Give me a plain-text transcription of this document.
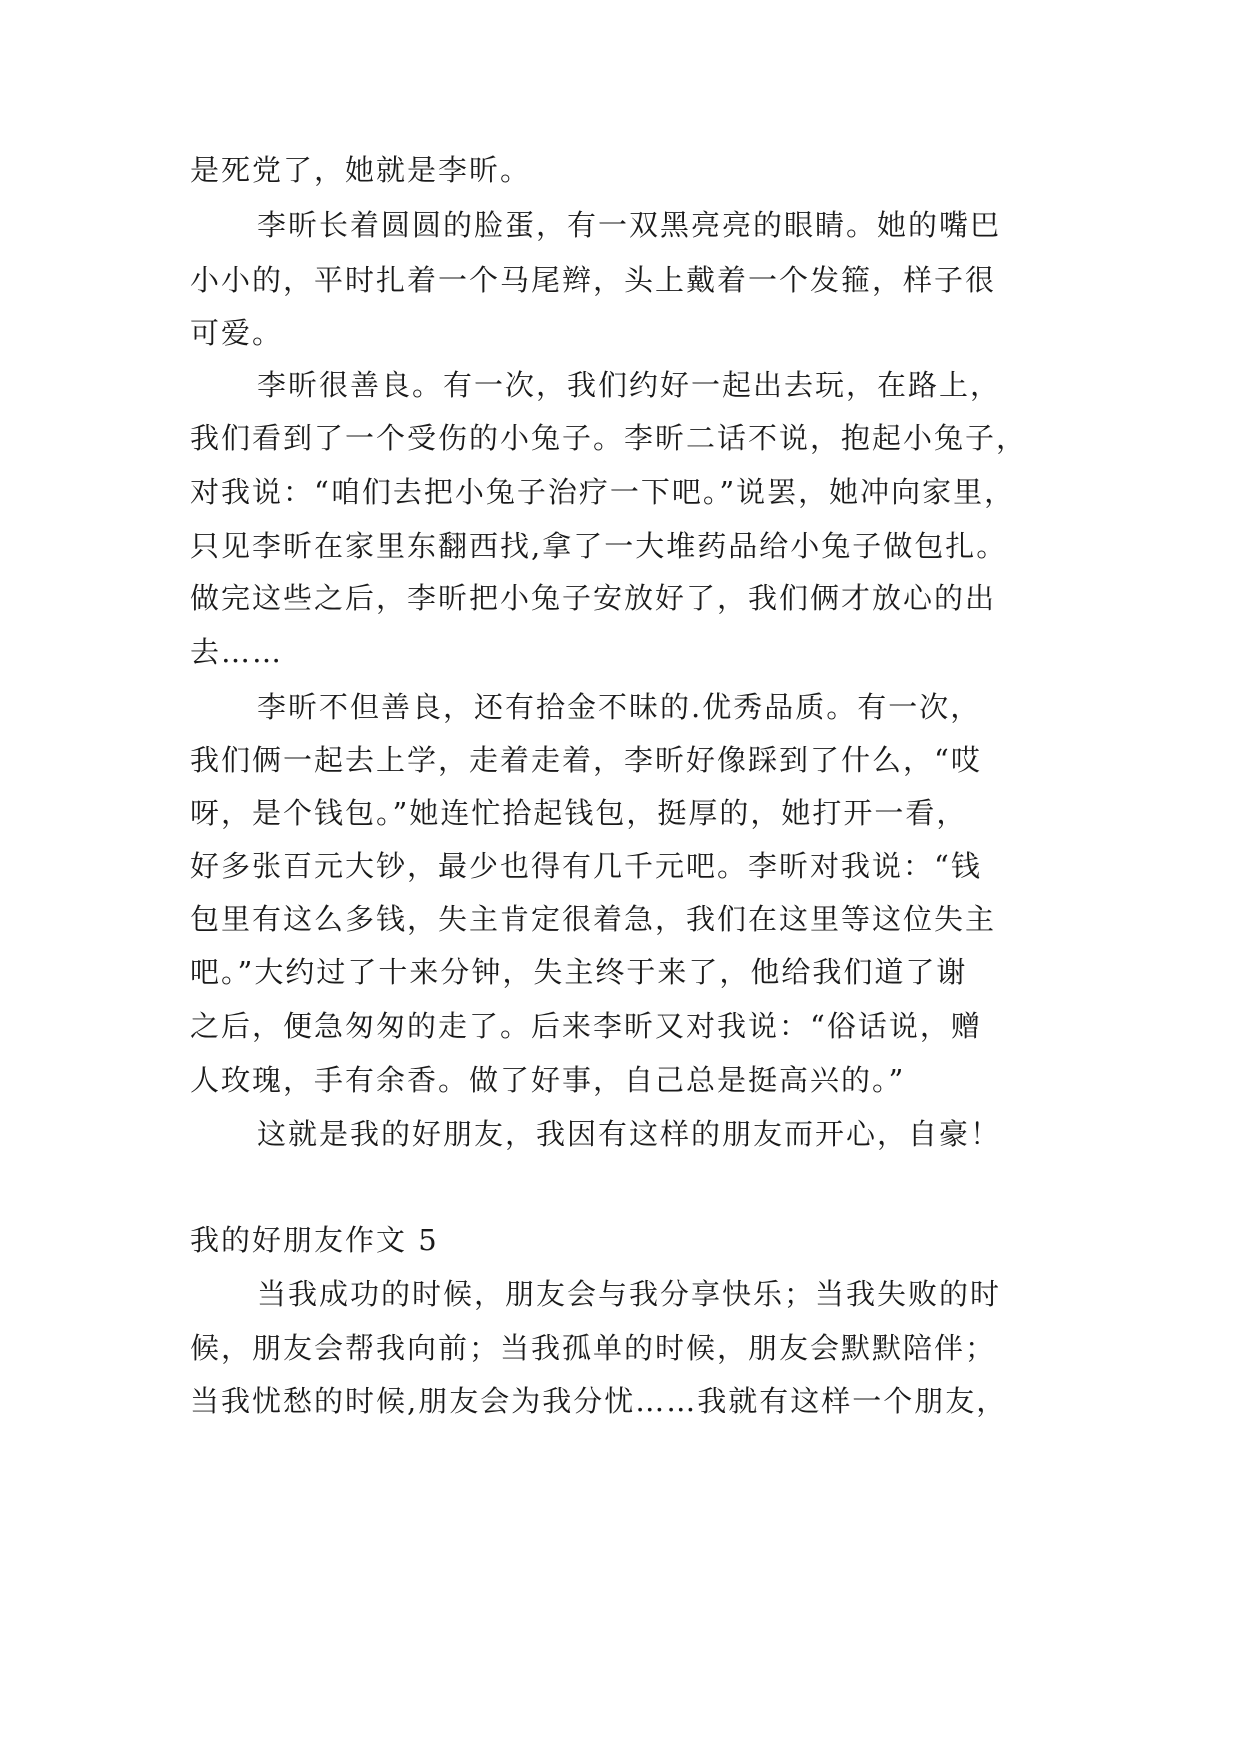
是死党了，她就是李昕。
李昕长着圆圆的脸蛋，有一双黑亮亮的眼睛。她的嘴巴
小小的，平时扎着一个马尾辫，头上戴着一个发箍，样子很
可爱。
李昕很善良。有一次，我们约好一起出去玩，在路上，
我们看到了一个受伤的小兔子。李昕二话不说，抱起小兔子，
对我说：“咱们去把小兔子治疗一下吧。”说罢，她冲向家里，
只见李昕在家里东翻西找,拿了一大堆药品给小兔子做包扎。
做完这些之后，李昕把小兔子安放好了，我们俩才放心的出
去……
李昕不但善良，还有拾金不昧的.优秀品质。有一次，
我们俩一起去上学，走着走着，李昕好像踩到了什么，“哎
呀，是个钱包。”她连忙拾起钱包，挺厚的，她打开一看，
好多张百元大钞，最少也得有几千元吧。李昕对我说：“钱
包里有这么多钱，失主肯定很着急，我们在这里等这位失主
吧。”大约过了十来分钟，失主终于来了，他给我们道了谢
之后，便急匆匆的走了。后来李昕又对我说：“俗话说，赠
人玫瑰，手有余香。做了好事，自己总是挺高兴的。”
这就是我的好朋友，我因有这样的朋友而开心，自豪！
我的好朋友作文 5
当我成功的时候，朋友会与我分享快乐；当我失败的时
候，朋友会帮我向前；当我孤单的时候，朋友会默默陪伴；
当我忧愁的时候,朋友会为我分忧……我就有这样一个朋友，
